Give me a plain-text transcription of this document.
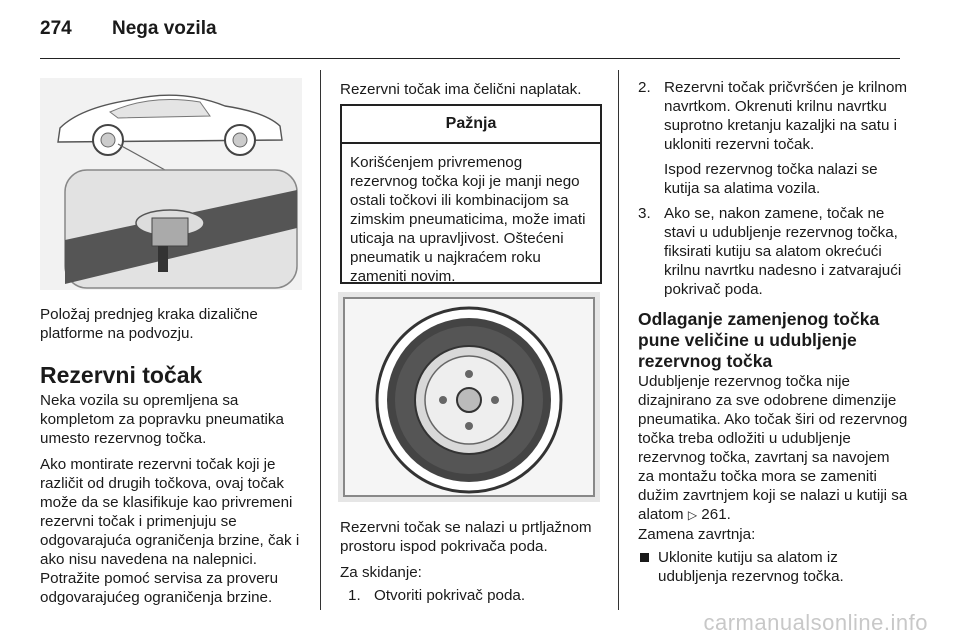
274 Nega vozila

Položaj prednjeg kraka dizalične platforme na podvozju.

Rezervni točak

Neka vozila su opremljena sa kompletom za popravku pneumatika umesto rezervnog točka.

Ako montirate rezervni točak koji je različit od drugih točkova, ovaj točak može da se klasifikuje kao privremeni rezervni točak i primenjuju se odgovarajuća ograničenja brzine, čak i ako nisu navedena na nalepnici. Potražite pomoć servisa za proveru odgovarajućeg ograničenja brzine.

Rezervni točak ima čelični naplatak.

Pažnja
Korišćenjem privremenog rezervnog točka koji je manji nego ostali točkovi ili kombinacijom sa zimskim pneumaticima, može imati uticaja na upravljivost. Oštećeni pneumatik u najkraćem roku zameniti novim.

Rezervni točak se nalazi u prtljažnom prostoru ispod pokrivača poda.

Za skidanje:

1. Otvoriti pokrivač poda.
2. Rezervni točak pričvršćen je krilnom navrtkom. Okrenuti krilnu navrtku suprotno kretanju kazaljki na satu i ukloniti rezervni točak.
Ispod rezervnog točka nalazi se kutija sa alatima vozila.
3. Ako se, nakon zamene, točak ne stavi u udubljenje rezervnog točka, fiksirati kutiju sa alatom okrećući krilnu navrtku nadesno i zatvarajući pokrivač poda.
Odlaganje zamenjenog točka pune veličine u udubljenje rezervnog točka

Udubljenje rezervnog točka nije dizajnirano za sve odobrene dimenzije pneumatika. Ako točak širi od rezervnog točka treba odložiti u udubljenje rezervnog točka, zavrtanj sa navojem za montažu točka mora se zameniti dužim zavrtnjem koji se nalazi u kutiji sa alatom ▷ 261.

Zamena zavrtnja:

Uklonite kutiju sa alatom iz udubljenja rezervnog točka.
carmanualsonline.info
